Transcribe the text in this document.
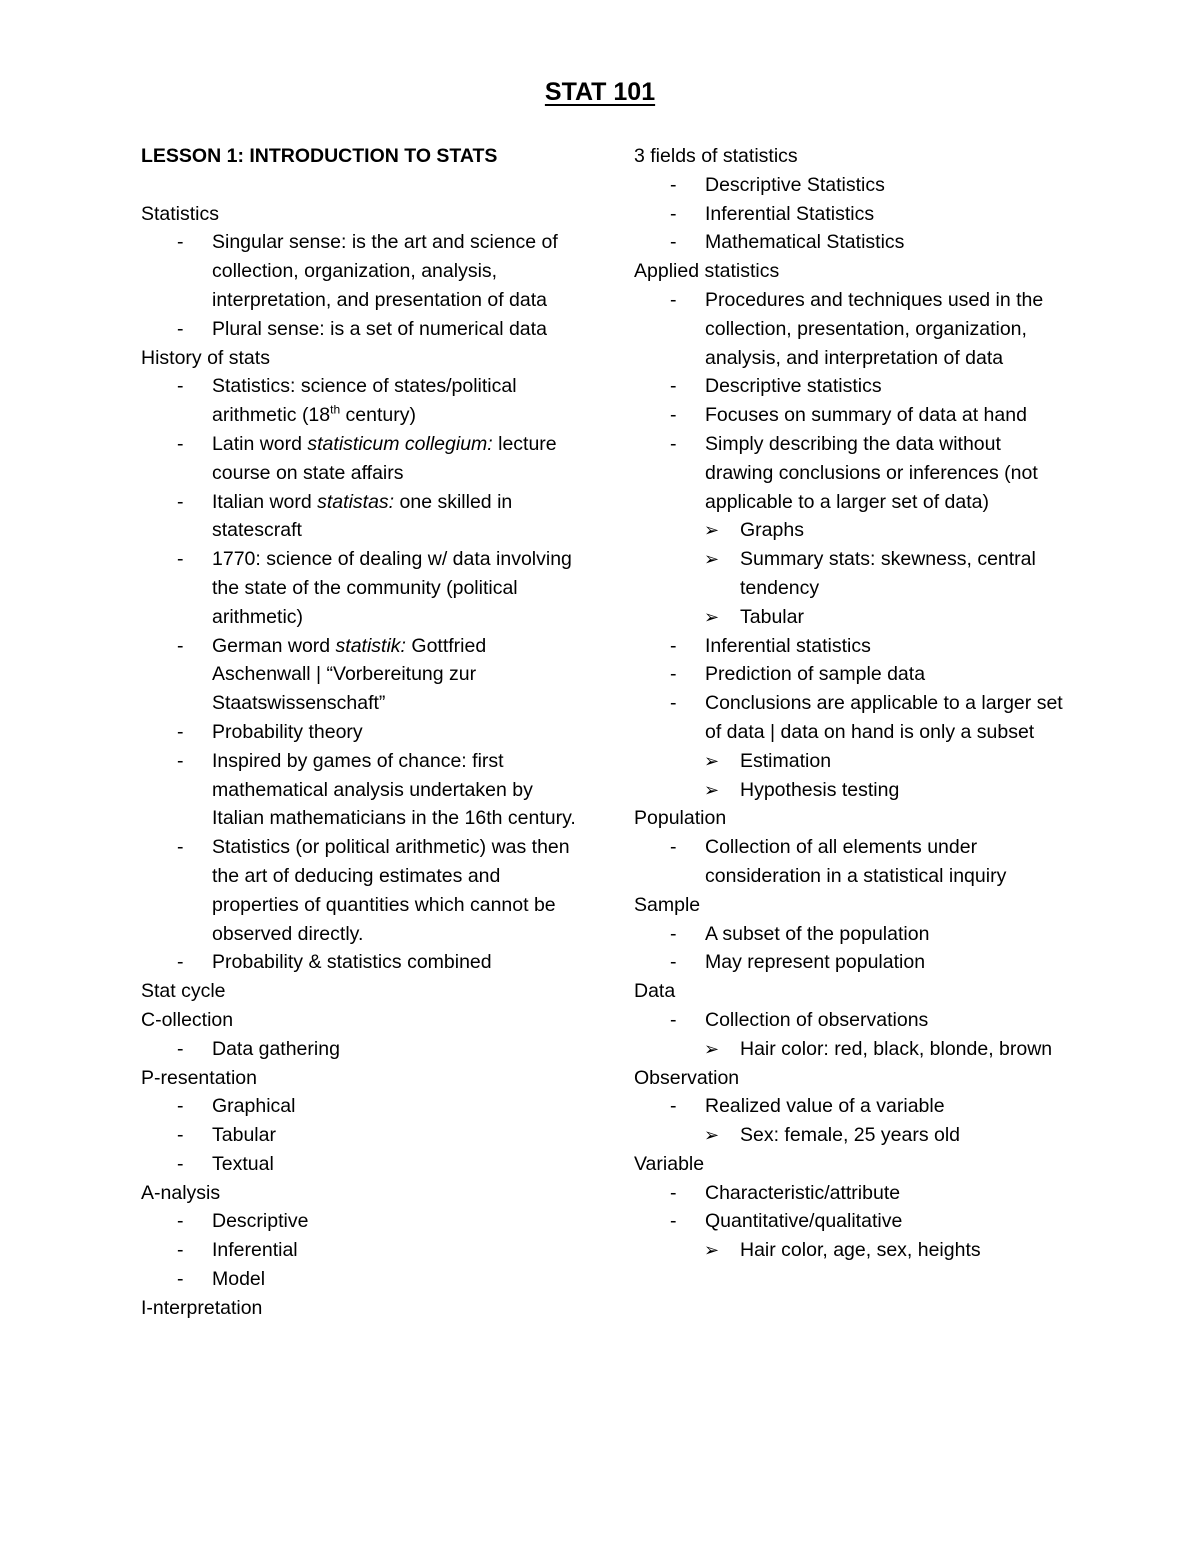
STAT 101
LESSON 1: INTRODUCTION TO STATS
Statistics
- Singular sense: is the art and science of collection, organization, analysis, interpretation, and presentation of data
- Plural sense: is a set of numerical data
History of stats
- Statistics: science of states/political arithmetic (18th century)
- Latin word statisticum collegium: lecture course on state affairs
- Italian word statistas: one skilled in statescraft
- 1770: science of dealing w/ data involving the state of the community (political arithmetic)
- German word statistik: Gottfried Aschenwall | “Vorbereitung zur Staatswissenschaft”
- Probability theory
- Inspired by games of chance: first mathematical analysis undertaken by Italian mathematicians in the 16th century.
- Statistics (or political arithmetic) was then the art of deducing estimates and properties of quantities which cannot be observed directly.
- Probability & statistics combined
Stat cycle
C-ollection
- Data gathering
P-resentation
- Graphical
- Tabular
- Textual
A-nalysis
- Descriptive
- Inferential
- Model
I-nterpretation
3 fields of statistics
- Descriptive Statistics
- Inferential Statistics
- Mathematical Statistics
Applied statistics
- Procedures and techniques used in the collection, presentation, organization, analysis, and interpretation of data
- Descriptive statistics
- Focuses on summary of data at hand
- Simply describing the data without drawing conclusions or inferences (not applicable to a larger set of data)
➢ Graphs
➢ Summary stats: skewness, central tendency
➢ Tabular
- Inferential statistics
- Prediction of sample data
- Conclusions are applicable to a larger set of data | data on hand is only a subset
➢ Estimation
➢ Hypothesis testing
Population
- Collection of all elements under consideration in a statistical inquiry
Sample
- A subset of the population
- May represent population
Data
- Collection of observations
➢ Hair color: red, black, blonde, brown
Observation
- Realized value of a variable
➢ Sex: female, 25 years old
Variable
- Characteristic/attribute
- Quantitative/qualitative
➢ Hair color, age, sex, heights
